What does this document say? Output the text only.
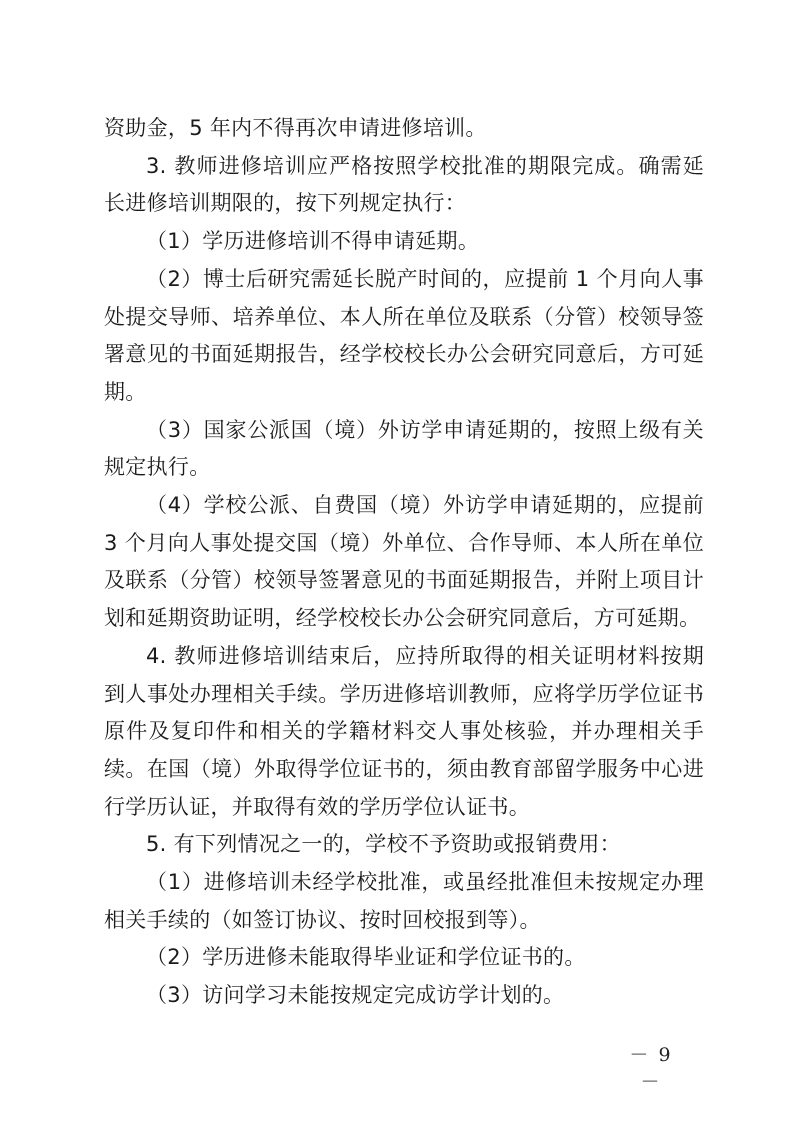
资助金，5 年内不得再次申请进修培训。

3. 教师进修培训应严格按照学校批准的期限完成。确需延长进修培训期限的，按下列规定执行：

（1）学历进修培训不得申请延期。

（2）博士后研究需延长脱产时间的，应提前 1 个月向人事处提交导师、培养单位、本人所在单位及联系（分管）校领导签署意见的书面延期报告，经学校校长办公会研究同意后，方可延期。

（3）国家公派国（境）外访学申请延期的，按照上级有关规定执行。

（4）学校公派、自费国（境）外访学申请延期的，应提前 3 个月向人事处提交国（境）外单位、合作导师、本人所在单位及联系（分管）校领导签署意见的书面延期报告，并附上项目计划和延期资助证明，经学校校长办公会研究同意后，方可延期。

4. 教师进修培训结束后，应持所取得的相关证明材料按期到人事处办理相关手续。学历进修培训教师，应将学历学位证书原件及复印件和相关的学籍材料交人事处核验，并办理相关手续。在国（境）外取得学位证书的，须由教育部留学服务中心进行学历认证，并取得有效的学历学位认证书。

5. 有下列情况之一的，学校不予资助或报销费用：

（1）进修培训未经学校批准，或虽经批准但未按规定办理相关手续的（如签订协议、按时回校报到等）。

（2）学历进修未能取得毕业证和学位证书的。

（3）访问学习未能按规定完成访学计划的。

－ 9 －
